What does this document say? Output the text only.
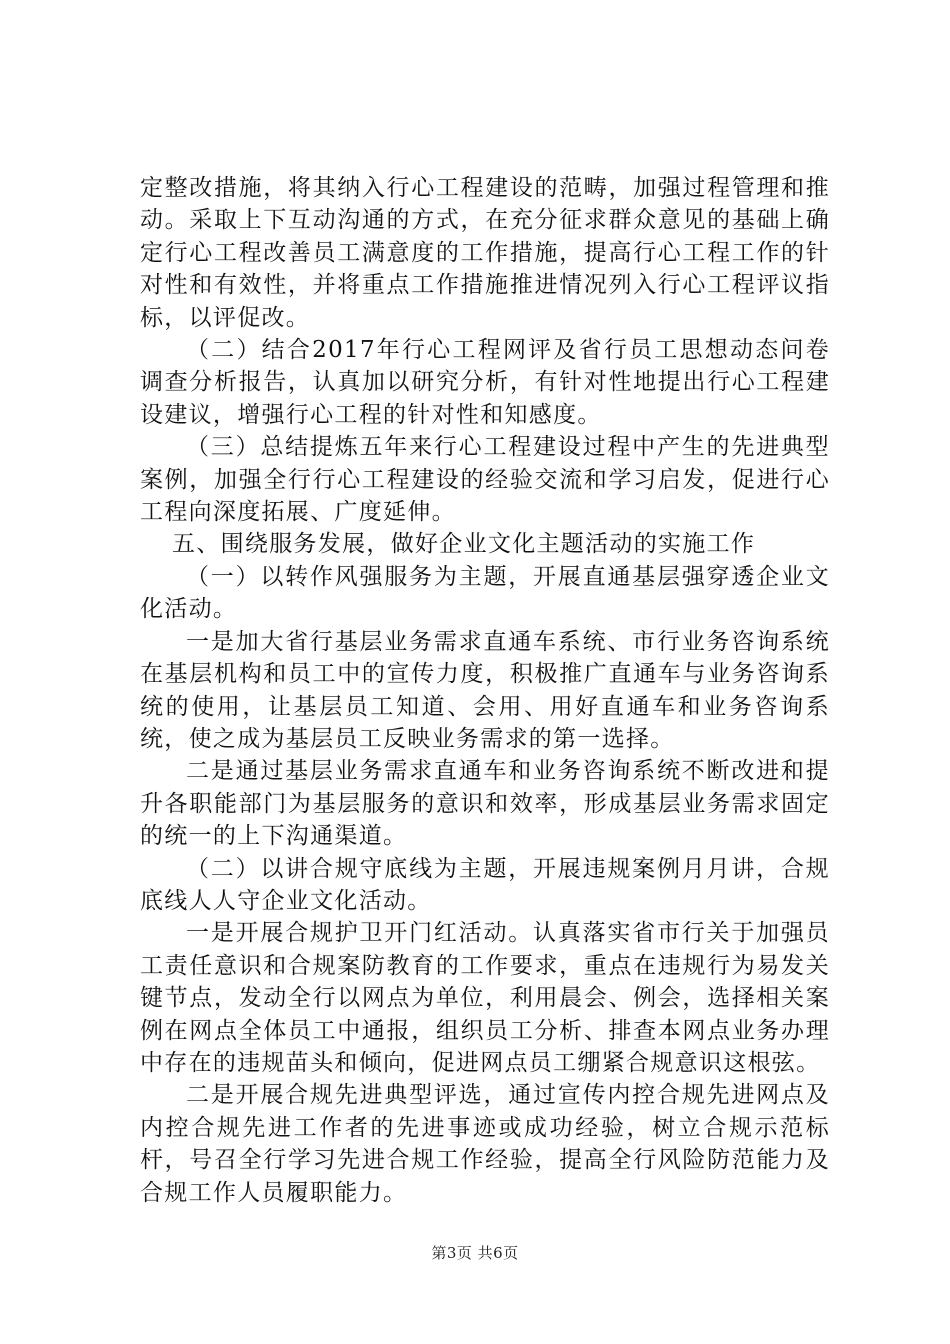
定整改措施，将其纳入行心工程建设的范畴，加强过程管理和推动。采取上下互动沟通的方式，在充分征求群众意见的基础上确定行心工程改善员工满意度的工作措施，提高行心工程工作的针对性和有效性，并将重点工作措施推进情况列入行心工程评议指标，以评促改。

（二）结合2017年行心工程网评及省行员工思想动态问卷调查分析报告，认真加以研究分析，有针对性地提出行心工程建设建议，增强行心工程的针对性和知感度。

（三）总结提炼五年来行心工程建设过程中产生的先进典型案例，加强全行行心工程建设的经验交流和学习启发，促进行心工程向深度拓展、广度延伸。

五、围绕服务发展，做好企业文化主题活动的实施工作

（一）以转作风强服务为主题，开展直通基层强穿透企业文化活动。

一是加大省行基层业务需求直通车系统、市行业务咨询系统在基层机构和员工中的宣传力度，积极推广直通车与业务咨询系统的使用，让基层员工知道、会用、用好直通车和业务咨询系统，使之成为基层员工反映业务需求的第一选择。

二是通过基层业务需求直通车和业务咨询系统不断改进和提升各职能部门为基层服务的意识和效率，形成基层业务需求固定的统一的上下沟通渠道。

（二）以讲合规守底线为主题，开展违规案例月月讲，合规底线人人守企业文化活动。

一是开展合规护卫开门红活动。认真落实省市行关于加强员工责任意识和合规案防教育的工作要求，重点在违规行为易发关键节点，发动全行以网点为单位，利用晨会、例会，选择相关案例在网点全体员工中通报，组织员工分析、排查本网点业务办理中存在的违规苗头和倾向，促进网点员工绷紧合规意识这根弦。

二是开展合规先进典型评选，通过宣传内控合规先进网点及内控合规先进工作者的先进事迹或成功经验，树立合规示范标杆，号召全行学习先进合规工作经验，提高全行风险防范能力及合规工作人员履职能力。

第3页 共6页
